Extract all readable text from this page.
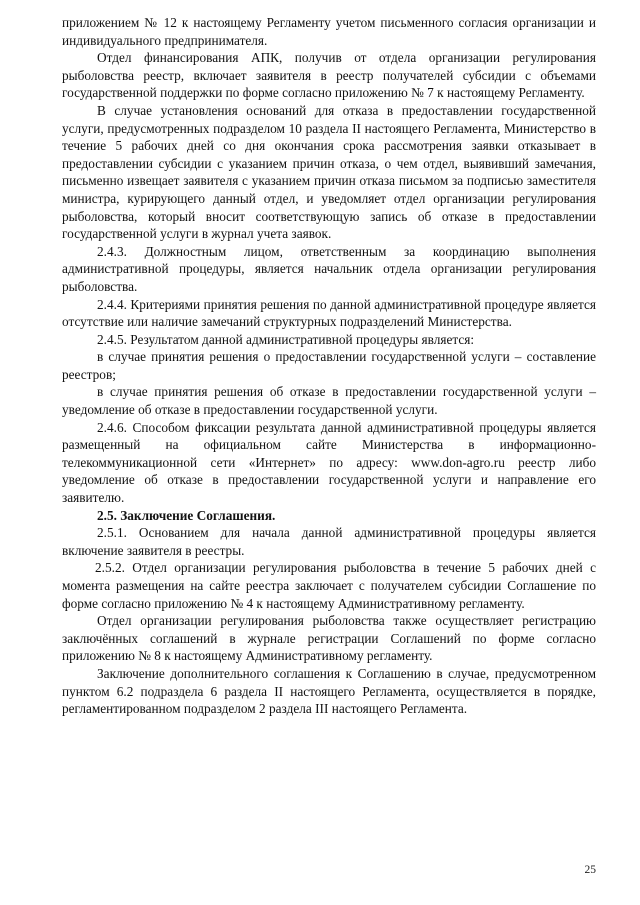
приложением № 12 к настоящему Регламенту учетом письменного согласия организации и индивидуального предпринимателя.

Отдел финансирования АПК, получив от отдела организации регулирования рыболовства реестр, включает заявителя в реестр получателей субсидии с объемами государственной поддержки по форме согласно приложению № 7 к настоящему Регламенту.

В случае установления оснований для отказа в предоставлении государственной услуги, предусмотренных подразделом 10 раздела II настоящего Регламента, Министерство в течение 5 рабочих дней со дня окончания срока рассмотрения заявки отказывает в предоставлении субсидии с указанием причин отказа, о чем отдел, выявивший замечания, письменно извещает заявителя с указанием причин отказа письмом за подписью заместителя министра, курирующего данный отдел, и уведомляет отдел организации регулирования рыболовства, который вносит соответствующую запись об отказе в предоставлении государственной услуги в журнал учета заявок.

2.4.3. Должностным лицом, ответственным за координацию выполнения административной процедуры, является начальник отдела организации регулирования рыболовства.

2.4.4. Критериями принятия решения по данной административной процедуре является отсутствие или наличие замечаний структурных подразделений Министерства.

2.4.5. Результатом данной административной процедуры является:

в случае принятия решения о предоставлении государственной услуги – составление реестров;

в случае принятия решения об отказе в предоставлении государственной услуги – уведомление об отказе в предоставлении государственной услуги.

2.4.6. Способом фиксации результата данной административной процедуры является размещенный на официальном сайте Министерства в информационно-телекоммуникационной сети «Интернет» по адресу: www.don-agro.ru реестр либо уведомление об отказе в предоставлении государственной услуги и направление его заявителю.

2.5. Заключение Соглашения.

2.5.1. Основанием для начала данной административной процедуры является включение заявителя в реестры.

2.5.2. Отдел организации регулирования рыболовства в течение 5 рабочих дней с момента размещения на сайте реестра заключает с получателем субсидии Соглашение по форме согласно приложению № 4 к настоящему Административному регламенту.

Отдел организации регулирования рыболовства также осуществляет регистрацию заключённых соглашений в журнале регистрации Соглашений по форме согласно приложению № 8 к настоящему Административному регламенту.

Заключение дополнительного соглашения к Соглашению в случае, предусмотренном пунктом 6.2 подраздела 6 раздела II настоящего Регламента, осуществляется в порядке, регламентированном подразделом 2 раздела III настоящего Регламента.

25
